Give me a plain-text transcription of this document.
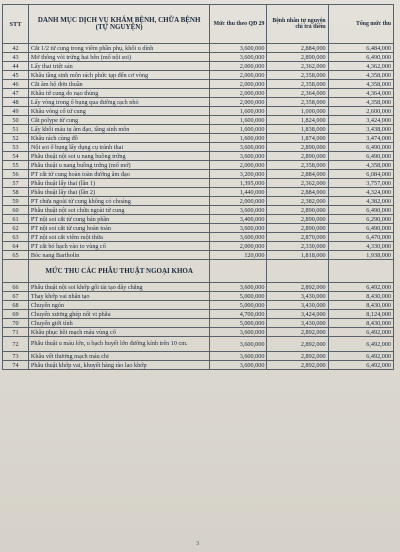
STT	DANH MỤC DỊCH VỤ KHÁM BỆNH, CHỮA BỆNH (TỰ NGUYỆN)	Mức thu theo QĐ 29	Bệnh nhân tự nguyện chi trả thêm	Tổng mức thu
42	Cắt 1/2 tử cung trong viêm phần phụ, khối u dính	3,600,000	2,884,000	6,484,000
43	Mở thông vòi trứng hai bên (mổ nội soi)	3,600,000	2,890,000	6,490,000
44	Lấy thai triệt sản	2,000,000	2,362,000	4,362,000
45	Khâu tầng sinh môn rách phức tạp đến cơ vòng	2,000,000	2,358,000	4,358,000
46	Cắt âm hộ đơn thuần	2,000,000	2,358,000	4,358,000
47	Khâu tử cung do nạo thủng	2,000,000	2,364,000	4,364,000
48	Lấy vòng trong ổ bụng qua đường rạch nhỏ	2,000,000	2,358,000	4,358,000
49	Khâu vòng cổ tử cung	1,600,000	1,000,000	2,600,000
50	Cắt polype tử cung	1,600,000	1,824,000	3,424,000
51	Lấy khối máu tụ âm đạo, tầng sinh môn	1,600,000	1,838,000	3,438,000
52	Khâu rách cùng đồ	1,600,000	1,874,000	3,474,000
53	Nội soi ổ bụng lấy dụng cụ tránh thai	3,600,000	2,890,000	6,490,000
54	Phẫu thuật nội soi u nang buồng trứng	3,600,000	2,890,000	6,490,000
55	Phẫu thuật u nang buồng trứng (mổ mở)	2,000,000	2,358,000	4,358,000
56	PT cắt tử cung hoàn toàn đường âm đạo	3,200,000	2,884,000	6,084,000
57	Phẫu thuật lấy thai (lần 1)	1,395,000	2,362,000	3,757,000
58	Phẫu thuật lấy thai (lần 2)	1,440,000	2,884,000	4,324,000
59	PT chửa ngoài tử cung không có choáng	2,000,000	2,382,000	4,382,000
60	Phẫu thuật nội soi chửa ngoài tử cung	3,600,000	2,890,000	6,490,000
61	PT nội soi cắt tử cung bán phần	3,400,000	2,890,000	6,290,000
62	PT nội soi cắt tử cung hoàn toàn	3,600,000	2,890,000	6,490,000
63	PT nội soi cắt viêm ruột thừa	3,600,000	2,870,000	6,470,000
64	PT cắt bỏ hạch vào to vùng cổ	2,000,000	2,330,000	4,330,000
65	Bóc nang Bartholin	120,000	1,818,000	1,938,000
	MỨC THU CÁC PHẪU THUẬT NGOẠI KHOA			
66	Phẫu thuật nội soi khớp gối tái tạo dây chằng	3,600,000	2,892,000	6,492,000
67	Thay khớp vai nhân tạo	5,000,000	3,430,000	8,430,000
68	Chuyển ngón	5,000,000	3,430,000	8,430,000
69	Chuyển xương ghép nối vi phẫu	4,700,000	3,424,000	8,124,000
70	Chuyển giới tính	5,000,000	3,430,000	8,430,000
71	Khâu phục hồi mạch máu vùng cổ	3,600,000	2,892,000	6,492,000
72	Phẫu thuật u máu lớn, u bạch huyết lớn đường kính trên 10 cm.	3,600,000	2,892,000	6,492,000
73	Khâu vết thương mạch máu chi	3,600,000	2,892,000	6,492,000
74	Phẫu thuật khớp vai, khuyết hàng rào lao khớp	3,600,000	2,892,000	6,492,000
3
